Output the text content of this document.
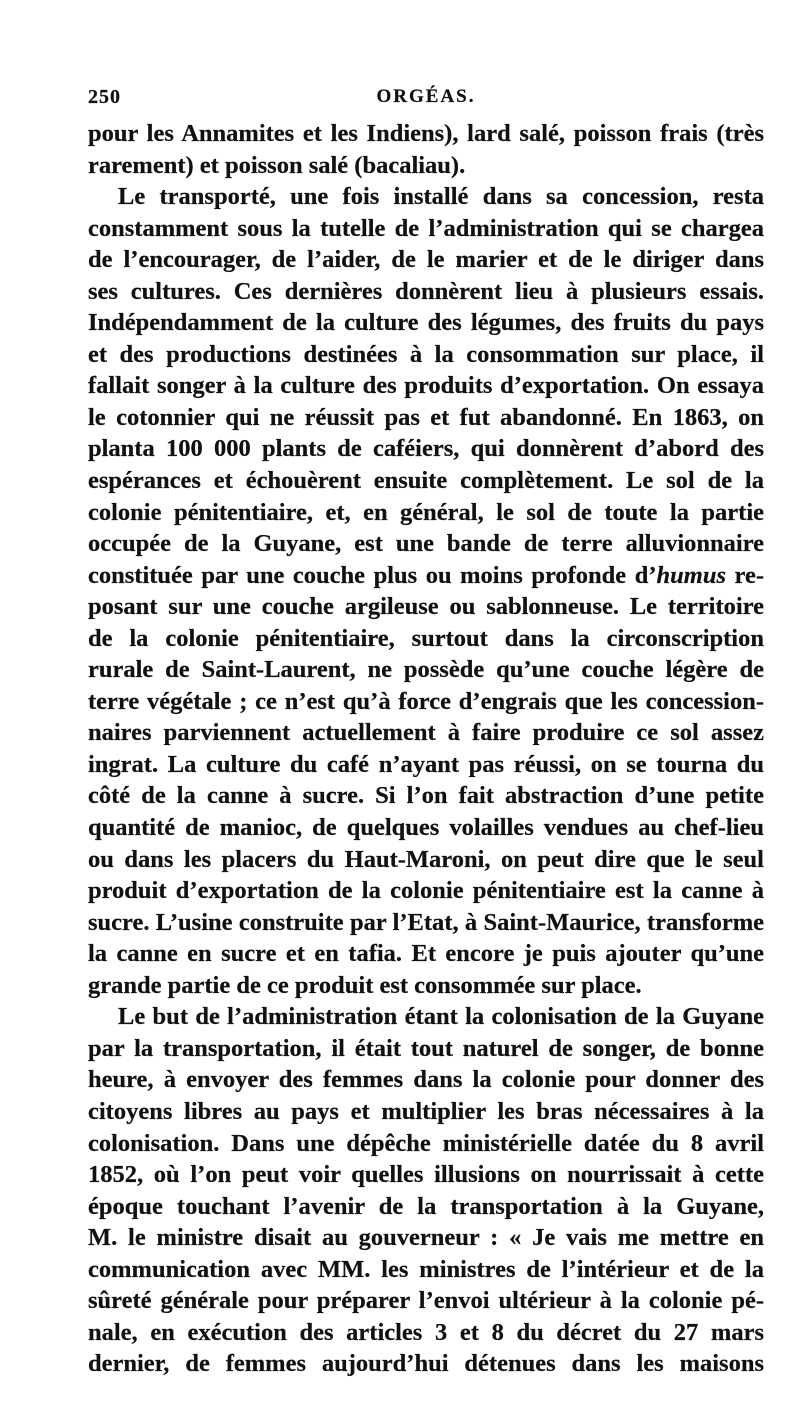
250	ORGÉAS.
pour les Annamites et les Indiens), lard salé, poisson frais (très
rarement) et poisson salé (bacaliau).
Le transporté, une fois installé dans sa concession, resta
constamment sous la tutelle de l’administration qui se chargea
de l’encourager, de l’aider, de le marier et de le diriger dans
ses cultures. Ces dernières donnèrent lieu à plusieurs essais.
Indépendamment de la culture des légumes, des fruits du pays
et des productions destinées à la consommation sur place, il
fallait songer à la culture des produits d’exportation. On essaya
le cotonnier qui ne réussit pas et fut abandonné. En 1863, on
planta 100 000 plants de caféiers, qui donnèrent d’abord des
espérances et échouèrent ensuite complètement. Le sol de la
colonie pénitentiaire, et, en général, le sol de toute la partie
occupée de la Guyane, est une bande de terre alluvionnaire
constituée par une couche plus ou moins profonde d’humus re-
posant sur une couche argileuse ou sablonneuse. Le territoire
de la colonie pénitentiaire, surtout dans la circonscription
rurale de Saint-Laurent, ne possède qu’une couche légère de
terre végétale ; ce n’est qu’à force d’engrais que les concession-
naires parviennent actuellement à faire produire ce sol assez
ingrat. La culture du café n’ayant pas réussi, on se tourna du
côté de la canne à sucre. Si l’on fait abstraction d’une petite
quantité de manioc, de quelques volailles vendues au chef-lieu
ou dans les placers du Haut-Maroni, on peut dire que le seul
produit d’exportation de la colonie pénitentiaire est la canne à
sucre. L’usine construite par l’Etat, à Saint-Maurice, transforme
la canne en sucre et en tafia. Et encore je puis ajouter qu’une
grande partie de ce produit est consommée sur place.
Le but de l’administration étant la colonisation de la Guyane
par la transportation, il était tout naturel de songer, de bonne
heure, à envoyer des femmes dans la colonie pour donner des
citoyens libres au pays et multiplier les bras nécessaires à la
colonisation. Dans une dépêche ministérielle datée du 8 avril
1852, où l’on peut voir quelles illusions on nourrissait à cette
époque touchant l’avenir de la transportation à la Guyane,
M. le ministre disait au gouverneur : « Je vais me mettre en
communication avec MM. les ministres de l’intérieur et de la
sûreté générale pour préparer l’envoi ultérieur à la colonie pé-
nale, en exécution des articles 3 et 8 du décret du 27 mars
dernier, de femmes aujourd’hui détenues dans les maisons
